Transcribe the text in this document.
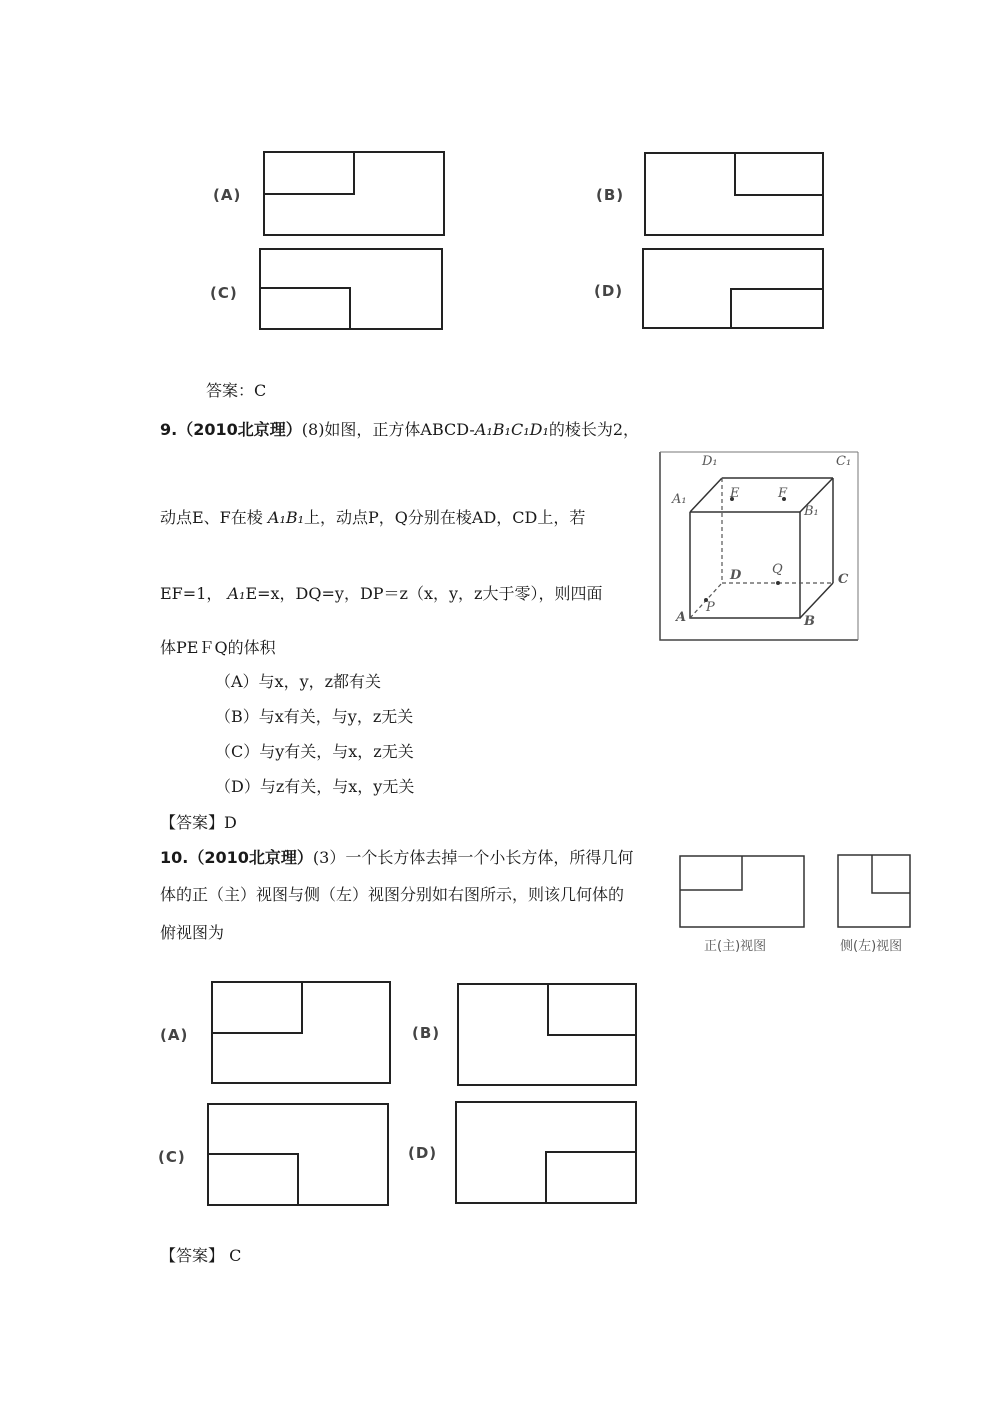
(A)	(B)
(C)	(D)
答案：C
9.（2010北京理）(8)如图，正方体ABCD-A₁B₁C₁D₁的棱长为2，
动点E、F在棱 A₁B₁上，动点P，Q分别在棱AD，CD上，若
EF=1， A₁E=x，DQ=y，DP＝z（x，y，z大于零），则四面
体PEＦQ的体积
（A）与x，y，z都有关
（B）与x有关，与y，z无关
（C）与y有关，与x，z无关
（D）与z有关，与x，y无关
【答案】D
D₁	C₁
A₁	E	F
B₁
D Q
C
A
P
B
10.（2010北京理）(3）一个长方体去掉一个小长方体，所得几何
体的正（主）视图与侧（左）视图分别如右图所示，则该几何体的
俯视图为
正(主)视图	侧(左)视图
(A)	(B)
(C)	(D)
【答案】 C
